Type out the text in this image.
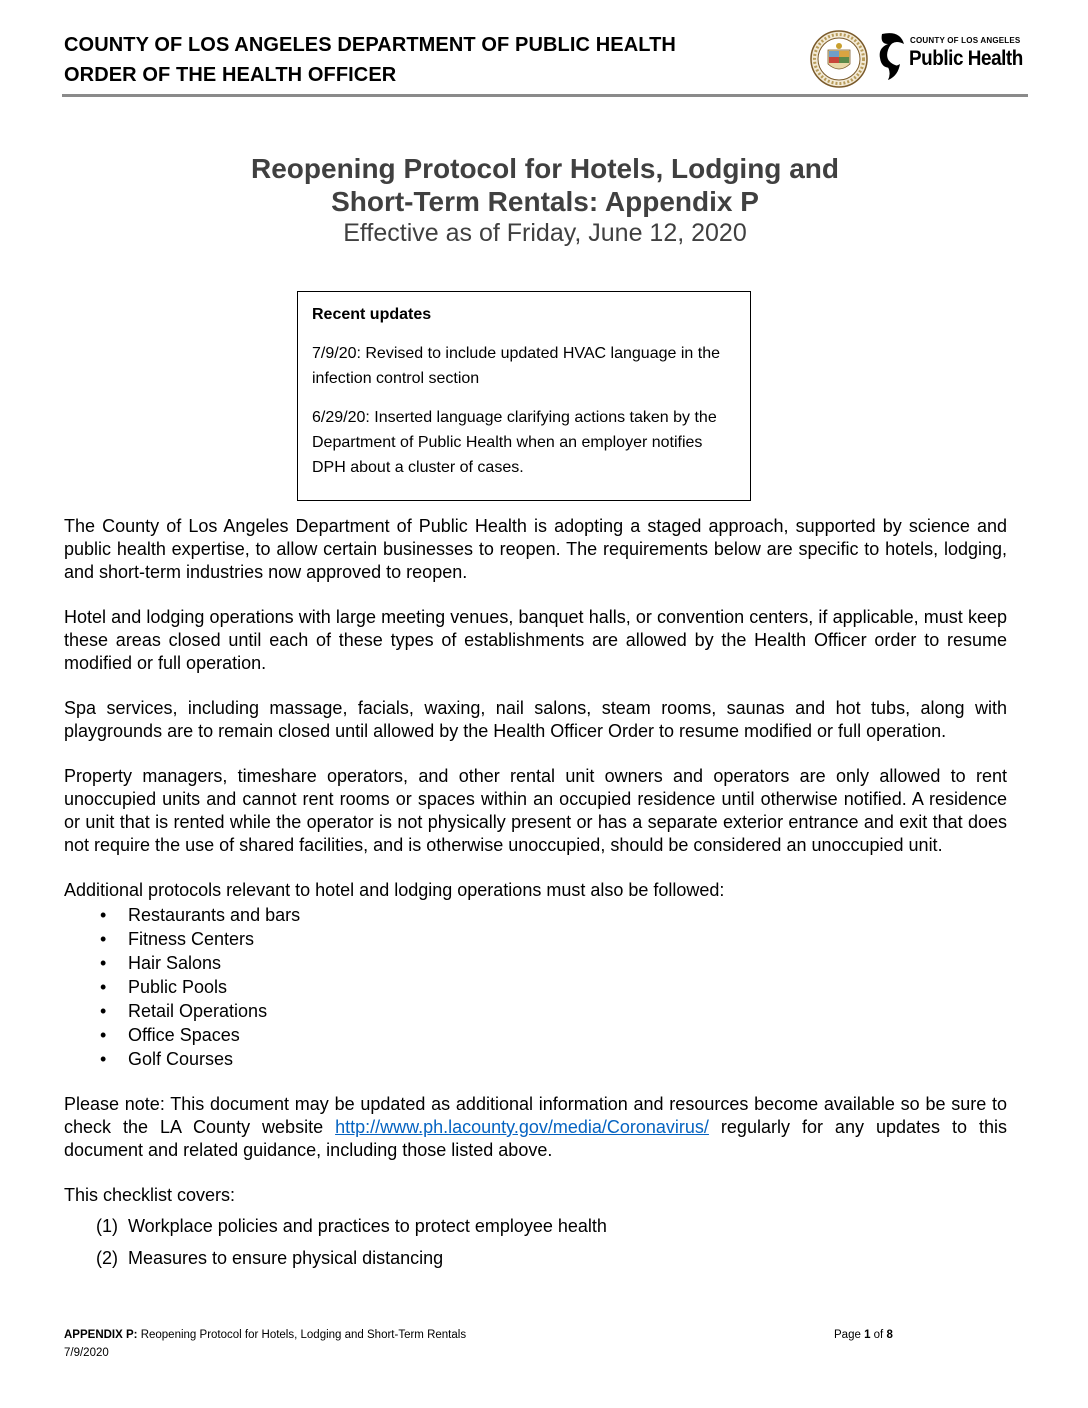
COUNTY OF LOS ANGELES DEPARTMENT OF PUBLIC HEALTH
ORDER OF THE HEALTH OFFICER
COUNTY OF LOS ANGELES
Public Health
Reopening Protocol for Hotels, Lodging and
Short-Term Rentals: Appendix P
Effective as of Friday, June 12, 2020
Recent updates
7/9/20: Revised to include updated HVAC language in the infection control section
6/29/20: Inserted language clarifying actions taken by the Department of Public Health when an employer notifies DPH about a cluster of cases.

The County of Los Angeles Department of Public Health is adopting a staged approach, supported by science and public health expertise, to allow certain businesses to reopen. The requirements below are specific to hotels, lodging, and short-term industries now approved to reopen.

Hotel and lodging operations with large meeting venues, banquet halls, or convention centers, if applicable, must keep these areas closed until each of these types of establishments are allowed by the Health Officer order to resume modified or full operation.

Spa services, including massage, facials, waxing, nail salons, steam rooms, saunas and hot tubs, along with playgrounds are to remain closed until allowed by the Health Officer Order to resume modified or full operation.

Property managers, timeshare operators, and other rental unit owners and operators are only allowed to rent unoccupied units and cannot rent rooms or spaces within an occupied residence until otherwise notified. A residence or unit that is rented while the operator is not physically present or has a separate exterior entrance and exit that does not require the use of shared facilities, and is otherwise unoccupied, should be considered an unoccupied unit.

Additional protocols relevant to hotel and lodging operations must also be followed:

• Restaurants and bars
• Fitness Centers
• Hair Salons
• Public Pools
• Retail Operations
• Office Spaces
• Golf Courses

Please note: This document may be updated as additional information and resources become available so be sure to check the LA County website http://www.ph.lacounty.gov/media/Coronavirus/ regularly for any updates to this document and related guidance, including those listed above.

This checklist covers:

(1) Workplace policies and practices to protect employee health
(2) Measures to ensure physical distancing
APPENDIX P: Reopening Protocol for Hotels, Lodging and Short-Term Rentals
7/9/2020
Page 1 of 8
